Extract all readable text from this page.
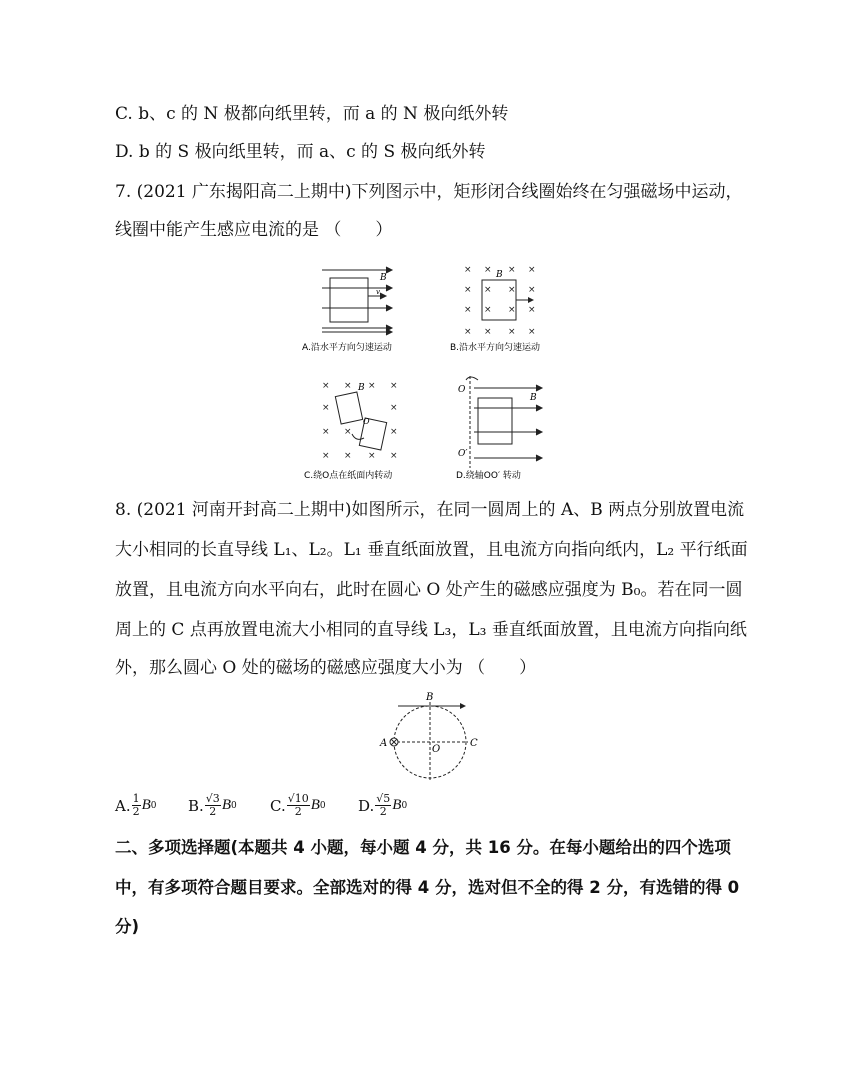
C. b、c 的 N 极都向纸里转，而 a 的 N 极向纸外转
D. b 的 S 极向纸里转，而 a、c 的 S 极向纸外转
7. (2021 广东揭阳高二上期中)下列图示中，矩形闭合线圈始终在匀强磁场中运动，
线圈中能产生感应电流的是 （　　）
B
v
A.沿水平方向匀速运动
× × × ×
× × × ×
× × × ×
× × × ×
B
B.沿水平方向匀速运动
× × × ×
×	×
× ×	×
× × × ×
B
O
C.绕O点在纸面内转动
O
O′
B
D.绕轴OO′ 转动
8. (2021 河南开封高二上期中)如图所示，在同一圆周上的 A、B 两点分别放置电流
大小相同的长直导线 L₁、L₂。L₁ 垂直纸面放置，且电流方向指向纸内，L₂ 平行纸面
放置，且电流方向水平向右，此时在圆心 O 处产生的磁感应强度为 B₀。若在同一圆
周上的 C 点再放置电流大小相同的直导线 L₃，L₃ 垂直纸面放置，且电流方向指向纸
外，那么圆心 O 处的磁场的磁感应强度大小为 （　　）
B
A	C
O
A. $\frac{1}{2}$ B 0 B. $\frac{√3}{2}$ B 0 C. $\frac{√10}{2}$ B 0 D. $\frac{√5}{2}$ B 0
二、多项选择题(本题共 4 小题，每小题 4 分，共 16 分。在每小题给出的四个选项
中，有多项符合题目要求。全部选对的得 4 分，选对但不全的得 2 分，有选错的得 0
分)
